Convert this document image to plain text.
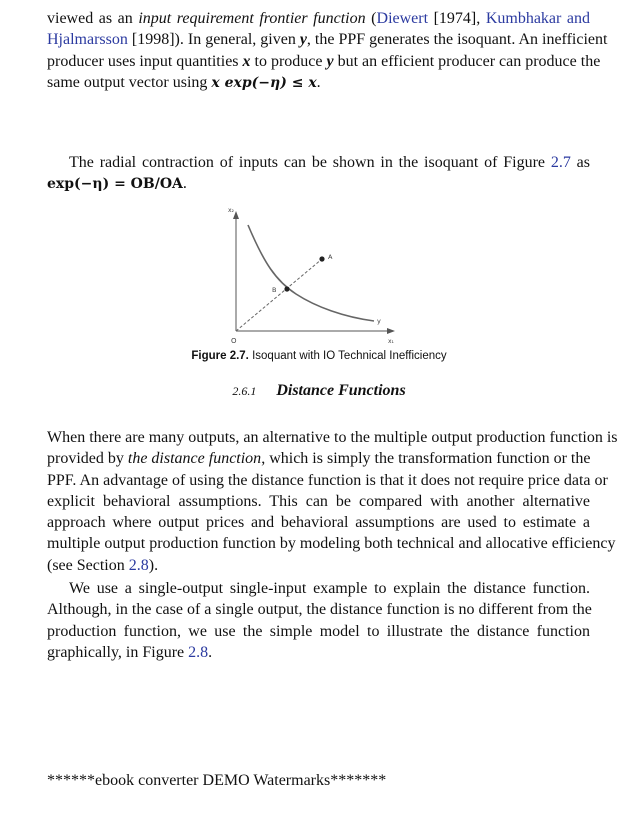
viewed as an input requirement frontier function (Diewert [1974], Kumbhakar and
Hjalmarsson [1998]). In general, given y, the PPF generates the isoquant. An inefficient
producer uses input quantities x to produce y but an efficient producer can produce the
same output vector using x exp(−η) ≤ x.
The radial contraction of inputs can be shown in the isoquant of Figure 2.7 as
exp(−η) = OB/OA.
x₂
x₁
O
A
B
y
Figure 2.7. Isoquant with IO Technical Inefficiency
2.6.1 Distance Functions
When there are many outputs, an alternative to the multiple output production function is
provided by the distance function, which is simply the transformation function or the
PPF. An advantage of using the distance function is that it does not require price data or
explicit behavioral assumptions. This can be compared with another alternative
approach where output prices and behavioral assumptions are used to estimate a
multiple output production function by modeling both technical and allocative efficiency
(see Section 2.8).
We use a single-output single-input example to explain the distance function.
Although, in the case of a single output, the distance function is no different from the
production function, we use the simple model to illustrate the distance function
graphically, in Figure 2.8.
******ebook converter DEMO Watermarks*******
